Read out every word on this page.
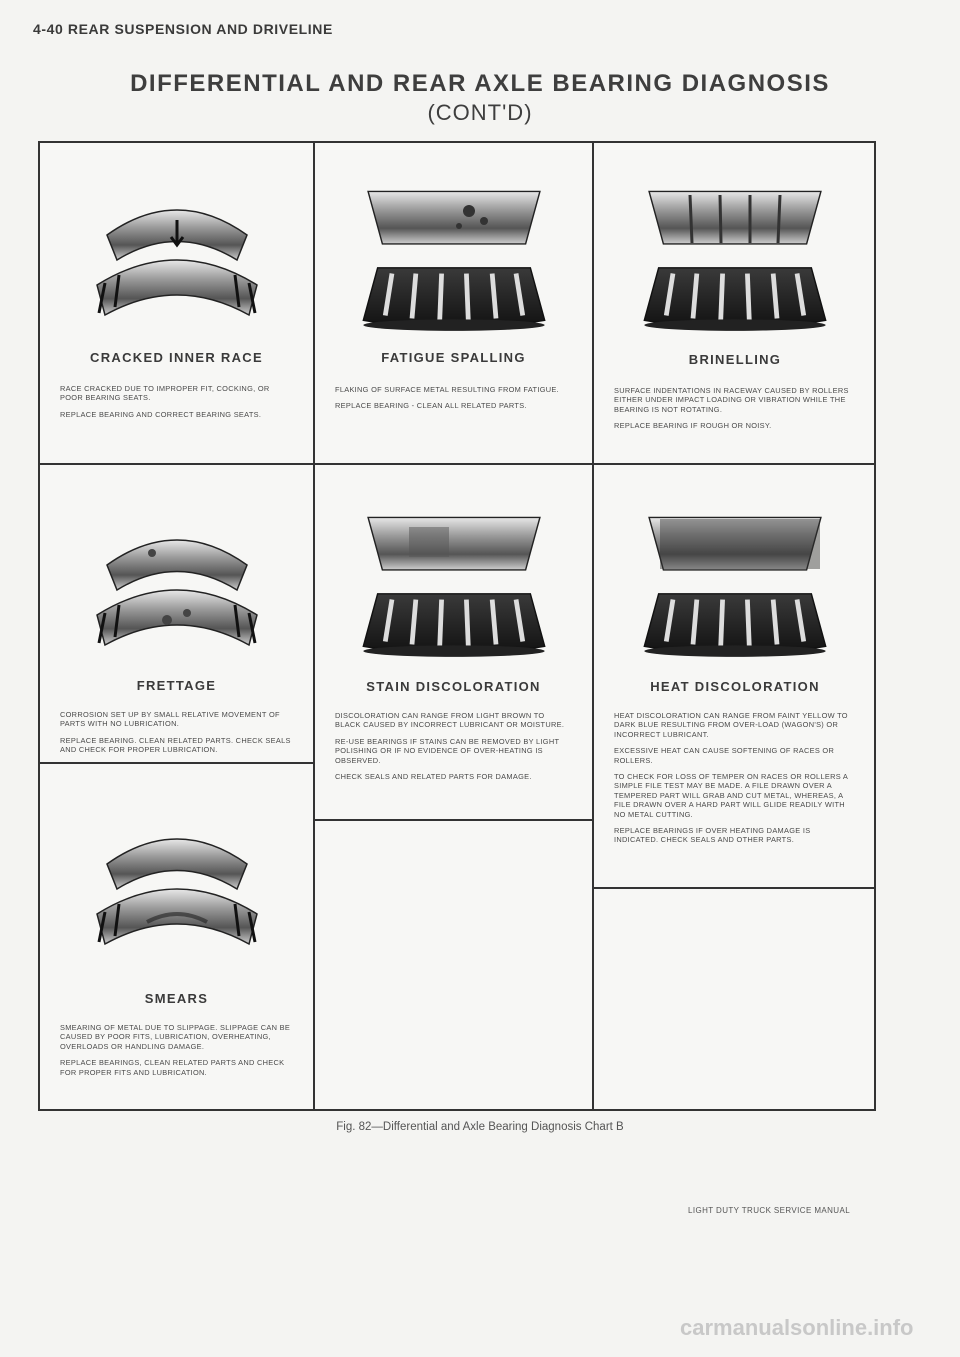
4-40 REAR SUSPENSION AND DRIVELINE
DIFFERENTIAL AND REAR AXLE BEARING DIAGNOSIS
(CONT'D)
CRACKED INNER RACE

RACE CRACKED DUE TO IMPROPER FIT, COCKING, OR POOR BEARING SEATS.

REPLACE BEARING AND CORRECT BEARING SEATS.

FATIGUE SPALLING

FLAKING OF SURFACE METAL RESULTING FROM FATIGUE.

REPLACE BEARING - CLEAN ALL RELATED PARTS.

BRINELLING

SURFACE INDENTATIONS IN RACEWAY CAUSED BY ROLLERS EITHER UNDER IMPACT LOADING OR VIBRATION WHILE THE BEARING IS NOT ROTATING.

REPLACE BEARING IF ROUGH OR NOISY.

FRETTAGE

CORROSION SET UP BY SMALL RELATIVE MOVEMENT OF PARTS WITH NO LUBRICATION.

REPLACE BEARING. CLEAN RELATED PARTS. CHECK SEALS AND CHECK FOR PROPER LUBRICATION.

STAIN DISCOLORATION

DISCOLORATION CAN RANGE FROM LIGHT BROWN TO BLACK CAUSED BY INCORRECT LUBRICANT OR MOISTURE.

RE-USE BEARINGS IF STAINS CAN BE REMOVED BY LIGHT POLISHING OR IF NO EVIDENCE OF OVER-HEATING IS OBSERVED.

CHECK SEALS AND RELATED PARTS FOR DAMAGE.

HEAT DISCOLORATION

HEAT DISCOLORATION CAN RANGE FROM FAINT YELLOW TO DARK BLUE RESULTING FROM OVER-LOAD (WAGON'S) OR INCORRECT LUBRICANT.

EXCESSIVE HEAT CAN CAUSE SOFTENING OF RACES OR ROLLERS.

TO CHECK FOR LOSS OF TEMPER ON RACES OR ROLLERS A SIMPLE FILE TEST MAY BE MADE. A FILE DRAWN OVER A TEMPERED PART WILL GRAB AND CUT METAL, WHEREAS, A FILE DRAWN OVER A HARD PART WILL GLIDE READILY WITH NO METAL CUTTING.

REPLACE BEARINGS IF OVER HEATING DAMAGE IS INDICATED. CHECK SEALS AND OTHER PARTS.

SMEARS

SMEARING OF METAL DUE TO SLIPPAGE. SLIPPAGE CAN BE CAUSED BY POOR FITS, LUBRICATION, OVERHEATING, OVERLOADS OR HANDLING DAMAGE.

REPLACE BEARINGS, CLEAN RELATED PARTS AND CHECK FOR PROPER FITS AND LUBRICATION.

Fig. 82—Differential and Axle Bearing Diagnosis Chart B
LIGHT DUTY TRUCK SERVICE MANUAL
carmanualsonline.info
